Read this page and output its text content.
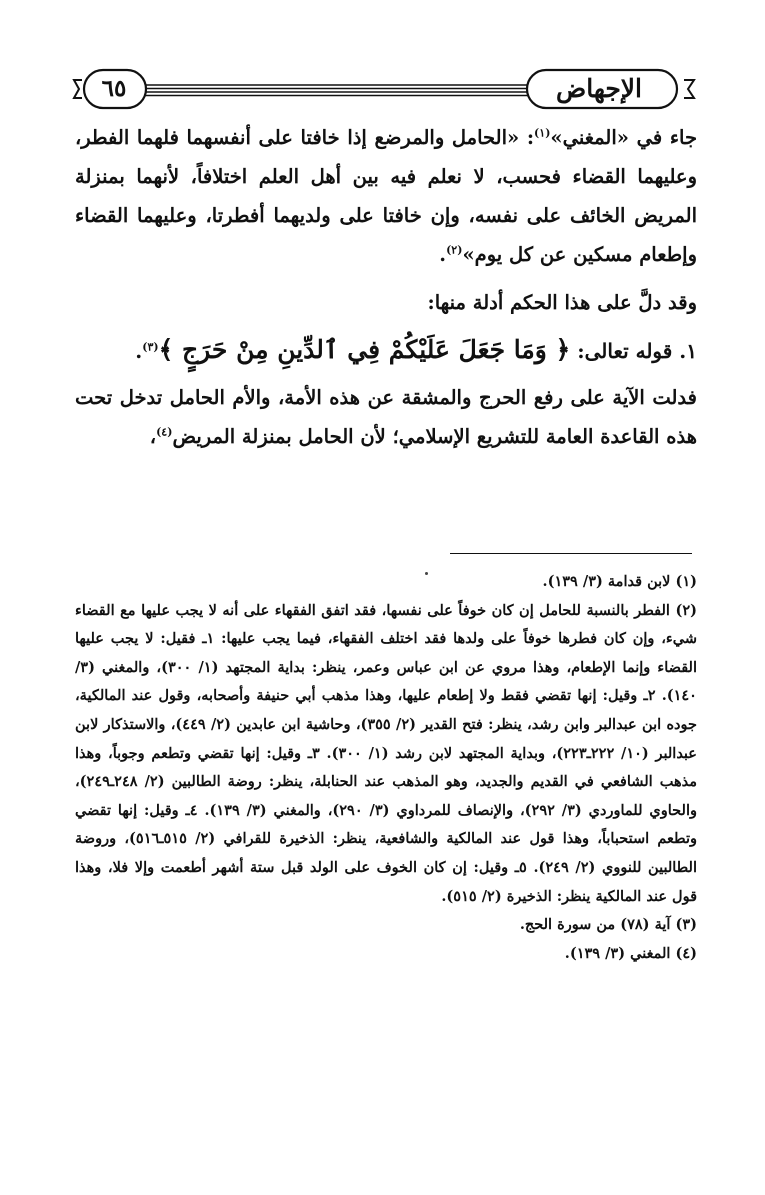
الإجهاض
٦٥

جاء في «المغني»$^{(١)}$: «الحامل والمرضع إذا خافتا على أنفسهما فلهما الفطر، وعليهما القضاء فحسب، لا نعلم فيه بين أهل العلم اختلافاً، لأنهما بمنزلة المريض الخائف على نفسه، وإن خافتا على ولديهما أفطرتا، وعليهما القضاء وإطعام مسكين عن كل يوم»$^{(٢)}$.

وقد دلَّ على هذا الحكم أدلة منها:

١. قوله تعالى: ﴿ وَمَا جَعَلَ عَلَيْكُمْ فِي ٱلدِّينِ مِنْ حَرَجٍ ﴾$^{(٣)}$.

فدلت الآية على رفع الحرج والمشقة عن هذه الأمة، والأم الحامل تدخل تحت هذه القاعدة العامة للتشريع الإسلامي؛ لأن الحامل بمنزلة المريض$^{(٤)}$،

(١) لابن قدامة (٣/ ١٣٩).

(٢) الفطر بالنسبة للحامل إن كان خوفاً على نفسها، فقد اتفق الفقهاء على أنه لا يجب عليها مع القضاء شيء، وإن كان فطرها خوفاً على ولدها فقد اختلف الفقهاء، فيما يجب عليها: ١ـ فقيل: لا يجب عليها القضاء وإنما الإطعام، وهذا مروي عن ابن عباس وعمر، ينظر: بداية المجتهد (١/ ٣٠٠)، والمغني (٣/ ١٤٠). ٢ـ وقيل: إنها تقضي فقط ولا إطعام عليها، وهذا مذهب أبي حنيفة وأصحابه، وقول عند المالكية، جوده ابن عبدالبر وابن رشد، ينظر: فتح القدير (٢/ ٣٥٥)، وحاشية ابن عابدين (٢/ ٤٤٩)، والاستذكار لابن عبدالبر (١٠/ ٢٢٢ـ٢٢٣)، وبداية المجتهد لابن رشد (١/ ٣٠٠). ٣ـ وقيل: إنها تقضي وتطعم وجوباً، وهذا مذهب الشافعي في القديم والجديد، وهو المذهب عند الحنابلة، ينظر: روضة الطالبين (٢/ ٢٤٨ـ٢٤٩)، والحاوي للماوردي (٣/ ٢٩٢)، والإنصاف للمرداوي (٣/ ٢٩٠)، والمغني (٣/ ١٣٩). ٤ـ وقيل: إنها تقضي وتطعم استحباباً، وهذا قول عند المالكية والشافعية، ينظر: الذخيرة للقرافي (٢/ ٥١٥ـ٥١٦)، وروضة الطالبين للنووي (٢/ ٢٤٩). ٥ـ وقيل: إن كان الخوف على الولد قبل ستة أشهر أطعمت وإلا فلا، وهذا قول عند المالكية ينظر: الذخيرة (٢/ ٥١٥).

(٣) آية (٧٨) من سورة الحج.

(٤) المغني (٣/ ١٣٩).
